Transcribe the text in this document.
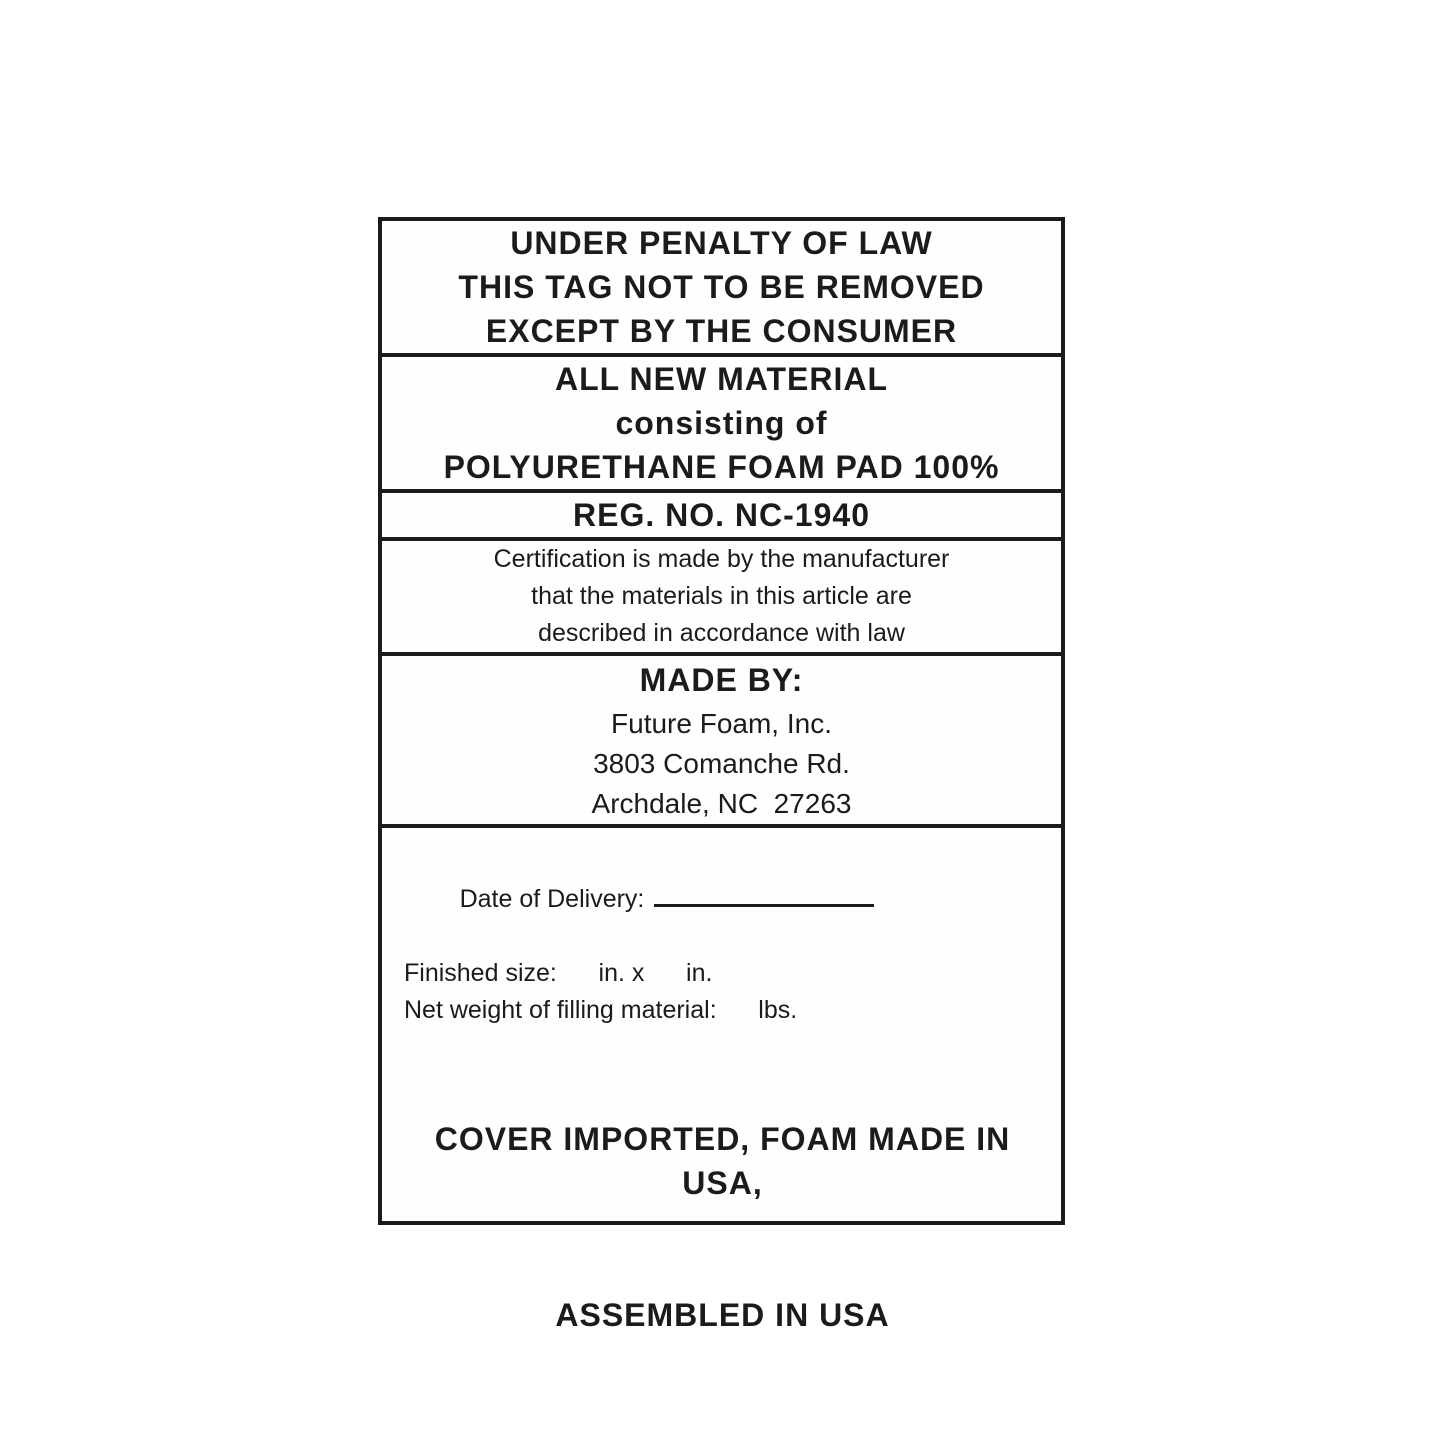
UNDER PENALTY OF LAW
THIS TAG NOT TO BE REMOVED
EXCEPT BY THE CONSUMER
ALL NEW MATERIAL
consisting of
POLYURETHANE FOAM PAD 100%
REG. NO. NC-1940
Certification is made by the manufacturer
that the materials in this article are
described in accordance with law
MADE BY:
Future Foam, Inc.
3803 Comanche Rd.
Archdale, NC  27263

Date of Delivery:

Finished size:      in. x      in.
Net weight of filling material:      lbs.

COVER IMPORTED, FOAM MADE IN USA,

ASSEMBLED IN USA
